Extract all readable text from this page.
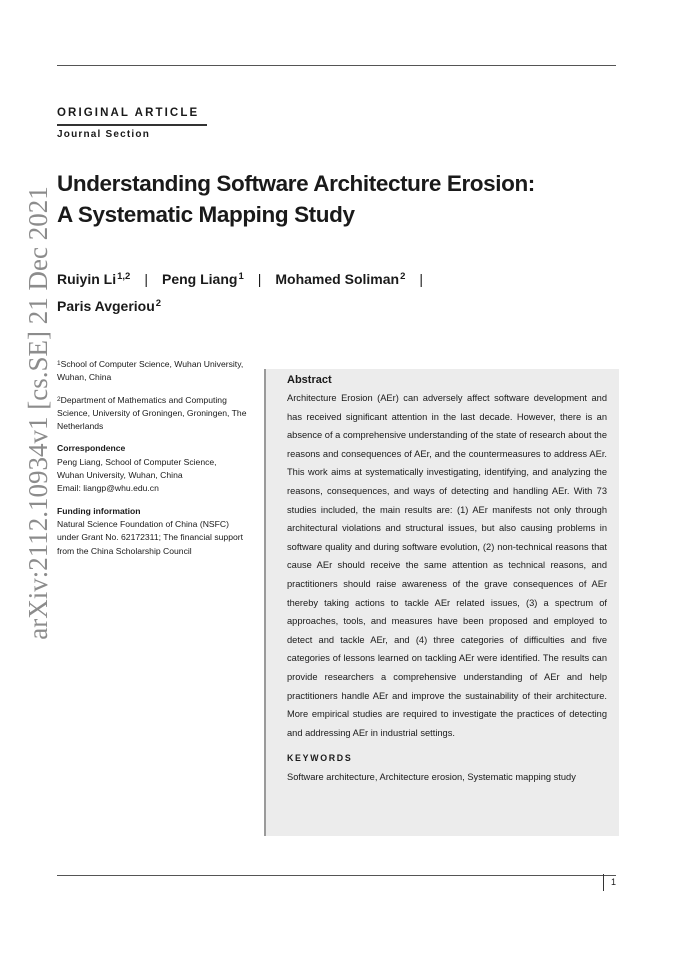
ORIGINAL ARTICLE
Journal Section
arXiv:2112.10934v1 [cs.SE] 21 Dec 2021
Understanding Software Architecture Erosion:
A Systematic Mapping Study
Ruiyin Li$^{1,2}$ | Peng Liang$^1$ | Mohamed Soliman$^2$ |
Paris Avgeriou$^2$
$^1$School of Computer Science, Wuhan University, Wuhan, China
$^2$Department of Mathematics and Computing Science, University of Groningen, Groningen, The Netherlands
Correspondence
Peng Liang, School of Computer Science,
Wuhan University, Wuhan, China
Email: liangp@whu.edu.cn
Funding information
Natural Science Foundation of China (NSFC) under Grant No. 62172311; The financial support from the China Scholarship Council
Abstract
Architecture Erosion (AEr) can adversely affect software development and has received significant attention in the last decade. However, there is an absence of a comprehensive understanding of the state of research about the reasons and consequences of AEr, and the countermeasures to address AEr. This work aims at systematically investigating, identifying, and analyzing the reasons, consequences, and ways of detecting and handling AEr. With 73 studies included, the main results are: (1) AEr manifests not only through architectural violations and structural issues, but also causing problems in software quality and during software evolution, (2) non-technical reasons that cause AEr should receive the same attention as technical reasons, and practitioners should raise awareness of the grave consequences of AEr thereby taking actions to tackle AEr related issues, (3) a spectrum of approaches, tools, and measures have been proposed and employed to detect and tackle AEr, and (4) three categories of difficulties and five categories of lessons learned on tackling AEr were identified. The results can provide researchers a comprehensive understanding of AEr and help practitioners handle AEr and improve the sustainability of their architecture. More empirical studies are required to investigate the practices of detecting and addressing AEr in industrial settings.
KEYWORDS
Software architecture, Architecture erosion, Systematic mapping study
1
